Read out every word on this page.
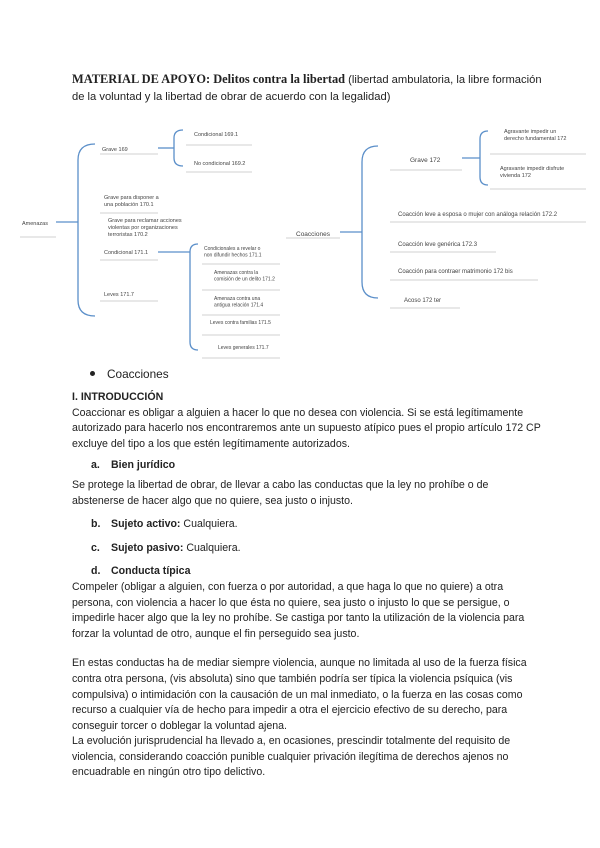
MATERIAL DE APOYO: Delitos contra la libertad (libertad ambulatoria, la libre formación de la voluntad y la libertad de obrar de acuerdo con la legalidad)
Amenazas
Grave 169
Grave para disponer a una población 170.1
Grave para reclamar acciones violentas por organizaciones terroristas 170.2
Condicional 171.1
Leves 171.7
Condicional 169.1
No condicional 169.2
Condicionales a revelar o non difundir hechos 171.1
Amenazas contra la comisión de un delito 171.2
Amenaza contra una antigua relación 171.4
Leves contra familias 171.5
Leves generales 171.7
Coacciones
Grave 172
Coacción leve a esposa o mujer con análoga relación 172.2
Coacción leve genérica 172.3
Coacción para contraer matrimonio 172 bis
Acoso 172 ter
Agravante impedir un derecho fundamental 172
Agravante impedir disfrute vivienda 172
Coacciones

I. INTRODUCCIÓN

Coaccionar es obligar a alguien a hacer lo que no desea con violencia. Si se está legítimamente autorizado para hacerlo nos encontraremos ante un supuesto atípico pues el propio artículo 172 CP excluye del tipo a los que estén legítimamente autorizados.

a. Bien jurídico

Se protege la libertad de obrar, de llevar a cabo las conductas que la ley no prohíbe o de abstenerse de hacer algo que no quiere, sea justo o injusto.

b. Sujeto activo: Cualquiera.
c. Sujeto pasivo: Cualquiera.
d. Conducta típica

Compeler (obligar a alguien, con fuerza o por autoridad, a que haga lo que no quiere) a otra persona, con violencia a hacer lo que ésta no quiere, sea justo o injusto lo que se persigue, o impedirle hacer algo que la ley no prohíbe. Se castiga por tanto la utilización de la violencia para forzar la voluntad de otro, aunque el fin perseguido sea justo.

En estas conductas ha de mediar siempre violencia, aunque no limitada al uso de la fuerza física contra otra persona, (vis absoluta) sino que también podría ser típica la violencia psíquica (vis compulsiva) o intimidación con la causación de un mal inmediato, o la fuerza en las cosas como recurso a cualquier vía de hecho para impedir a otra el ejercicio efectivo de su derecho, para conseguir torcer o doblegar la voluntad ajena.

La evolución jurisprudencial ha llevado a, en ocasiones, prescindir totalmente del requisito de violencia, considerando coacción punible cualquier privación ilegítima de derechos ajenos no encuadrable en ningún otro tipo delictivo.
